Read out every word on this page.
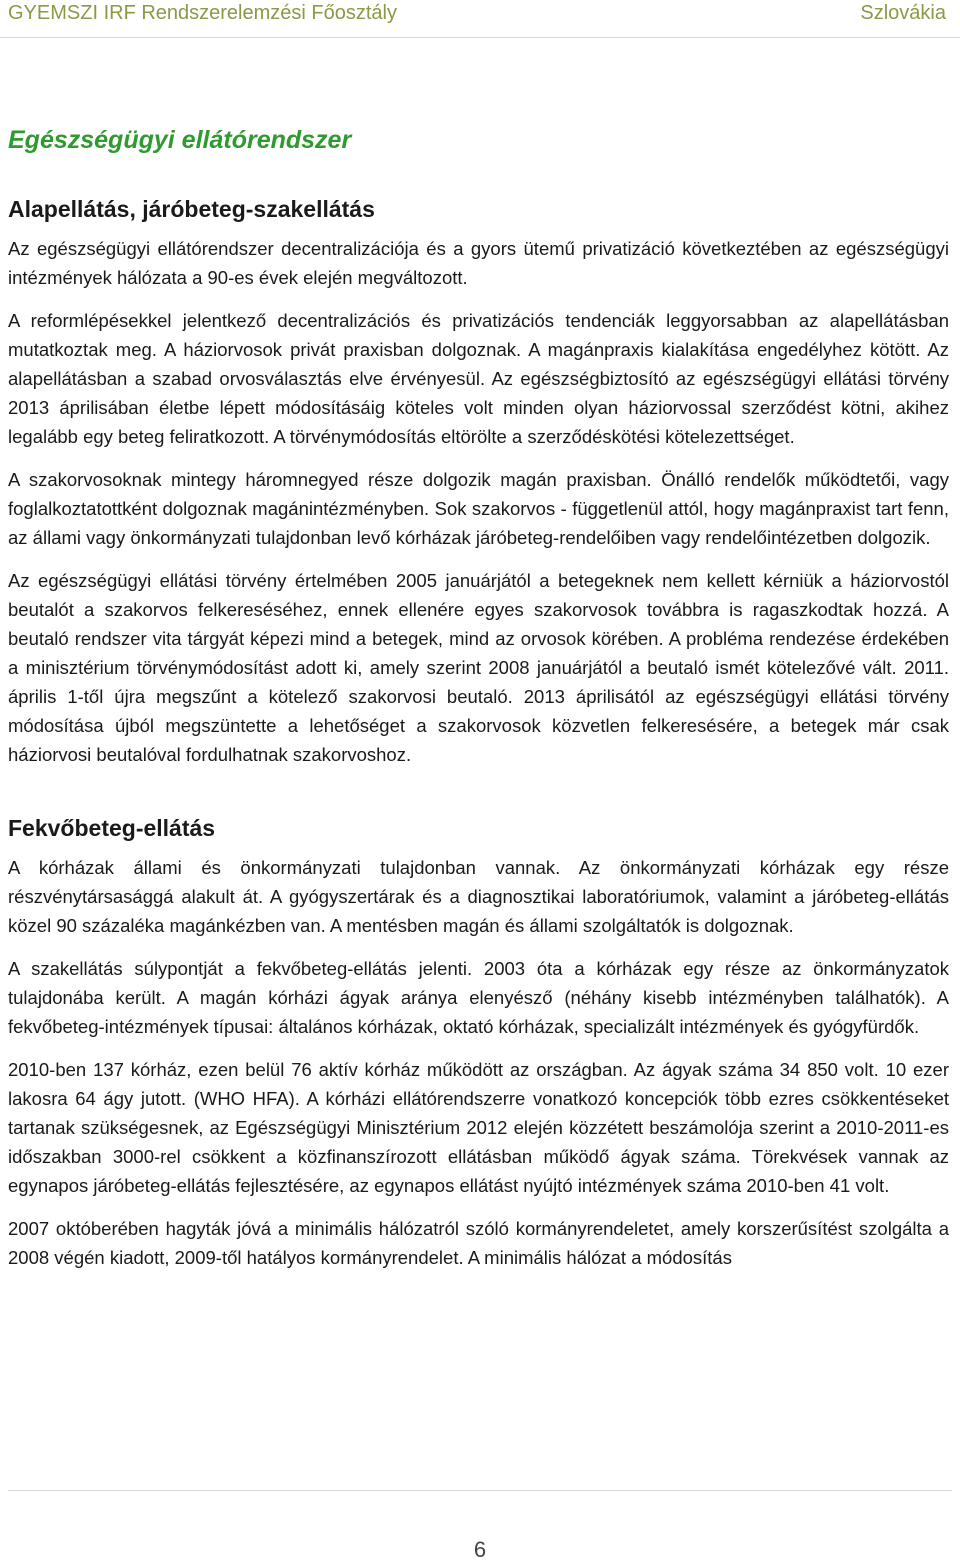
GYEMSZI IRF Rendszerelemzési Főosztály	Szlovákia
Egészségügyi ellátórendszer
Alapellátás, járóbeteg-szakellátás

Az egészségügyi ellátórendszer decentralizációja és a gyors ütemű privatizáció következtében az egészségügyi intézmények hálózata a 90-es évek elején megváltozott.

A reformlépésekkel jelentkező decentralizációs és privatizációs tendenciák leggyorsabban az alapellátásban mutatkoztak meg. A háziorvosok privát praxisban dolgoznak. A magánpraxis kialakítása engedélyhez kötött. Az alapellátásban a szabad orvosválasztás elve érvényesül. Az egészségbiztosító az egészségügyi ellátási törvény 2013 áprilisában életbe lépett módosításáig köteles volt minden olyan háziorvossal szerződést kötni, akihez legalább egy beteg feliratkozott. A törvénymódosítás eltörölte a szerződéskötési kötelezettséget.

A szakorvosoknak mintegy háromnegyed része dolgozik magán praxisban. Önálló rendelők működtetői, vagy foglalkoztatottként dolgoznak magánintézményben. Sok szakorvos - függetlenül attól, hogy magánpraxist tart fenn, az állami vagy önkormányzati tulajdonban levő kórházak járóbeteg-rendelőiben vagy rendelőintézetben dolgozik.

Az egészségügyi ellátási törvény értelmében 2005 januárjától a betegeknek nem kellett kérniük a háziorvostól beutalót a szakorvos felkereséséhez, ennek ellenére egyes szakorvosok továbbra is ragaszkodtak hozzá. A beutaló rendszer vita tárgyát képezi mind a betegek, mind az orvosok körében. A probléma rendezése érdekében a minisztérium törvénymódosítást adott ki, amely szerint 2008 januárjától a beutaló ismét kötelezővé vált. 2011. április 1-től újra megszűnt a kötelező szakorvosi beutaló. 2013 áprilisától az egészségügyi ellátási törvény módosítása újból megszüntette a lehetőséget a szakorvosok közvetlen felkeresésére, a betegek már csak háziorvosi beutalóval fordulhatnak szakorvoshoz.

Fekvőbeteg-ellátás

A kórházak állami és önkormányzati tulajdonban vannak. Az önkormányzati kórházak egy része részvénytársasággá alakult át. A gyógyszertárak és a diagnosztikai laboratóriumok, valamint a járóbeteg-ellátás közel 90 százaléka magánkézben van. A mentésben magán és állami szolgáltatók is dolgoznak.

A szakellátás súlypontját a fekvőbeteg-ellátás jelenti. 2003 óta a kórházak egy része az önkormányzatok tulajdonába került. A magán kórházi ágyak aránya elenyésző (néhány kisebb intézményben találhatók). A fekvőbeteg-intézmények típusai: általános kórházak, oktató kórházak, specializált intézmények és gyógyfürdők.

2010-ben 137 kórház, ezen belül 76 aktív kórház működött az országban. Az ágyak száma 34 850 volt. 10 ezer lakosra 64 ágy jutott. (WHO HFA). A kórházi ellátórendszerre vonatkozó koncepciók több ezres csökkentéseket tartanak szükségesnek, az Egészségügyi Minisztérium 2012 elején közzétett beszámolója szerint a 2010-2011-es időszakban 3000-rel csökkent a közfinanszírozott ellátásban működő ágyak száma. Törekvések vannak az egynapos járóbeteg-ellátás fejlesztésére, az egynapos ellátást nyújtó intézmények száma 2010-ben 41 volt.

2007 októberében hagyták jóvá a minimális hálózatról szóló kormányrendeletet, amely korszerűsítést szolgálta a 2008 végén kiadott, 2009-től hatályos kormányrendelet. A minimális hálózat a módosítás

6
